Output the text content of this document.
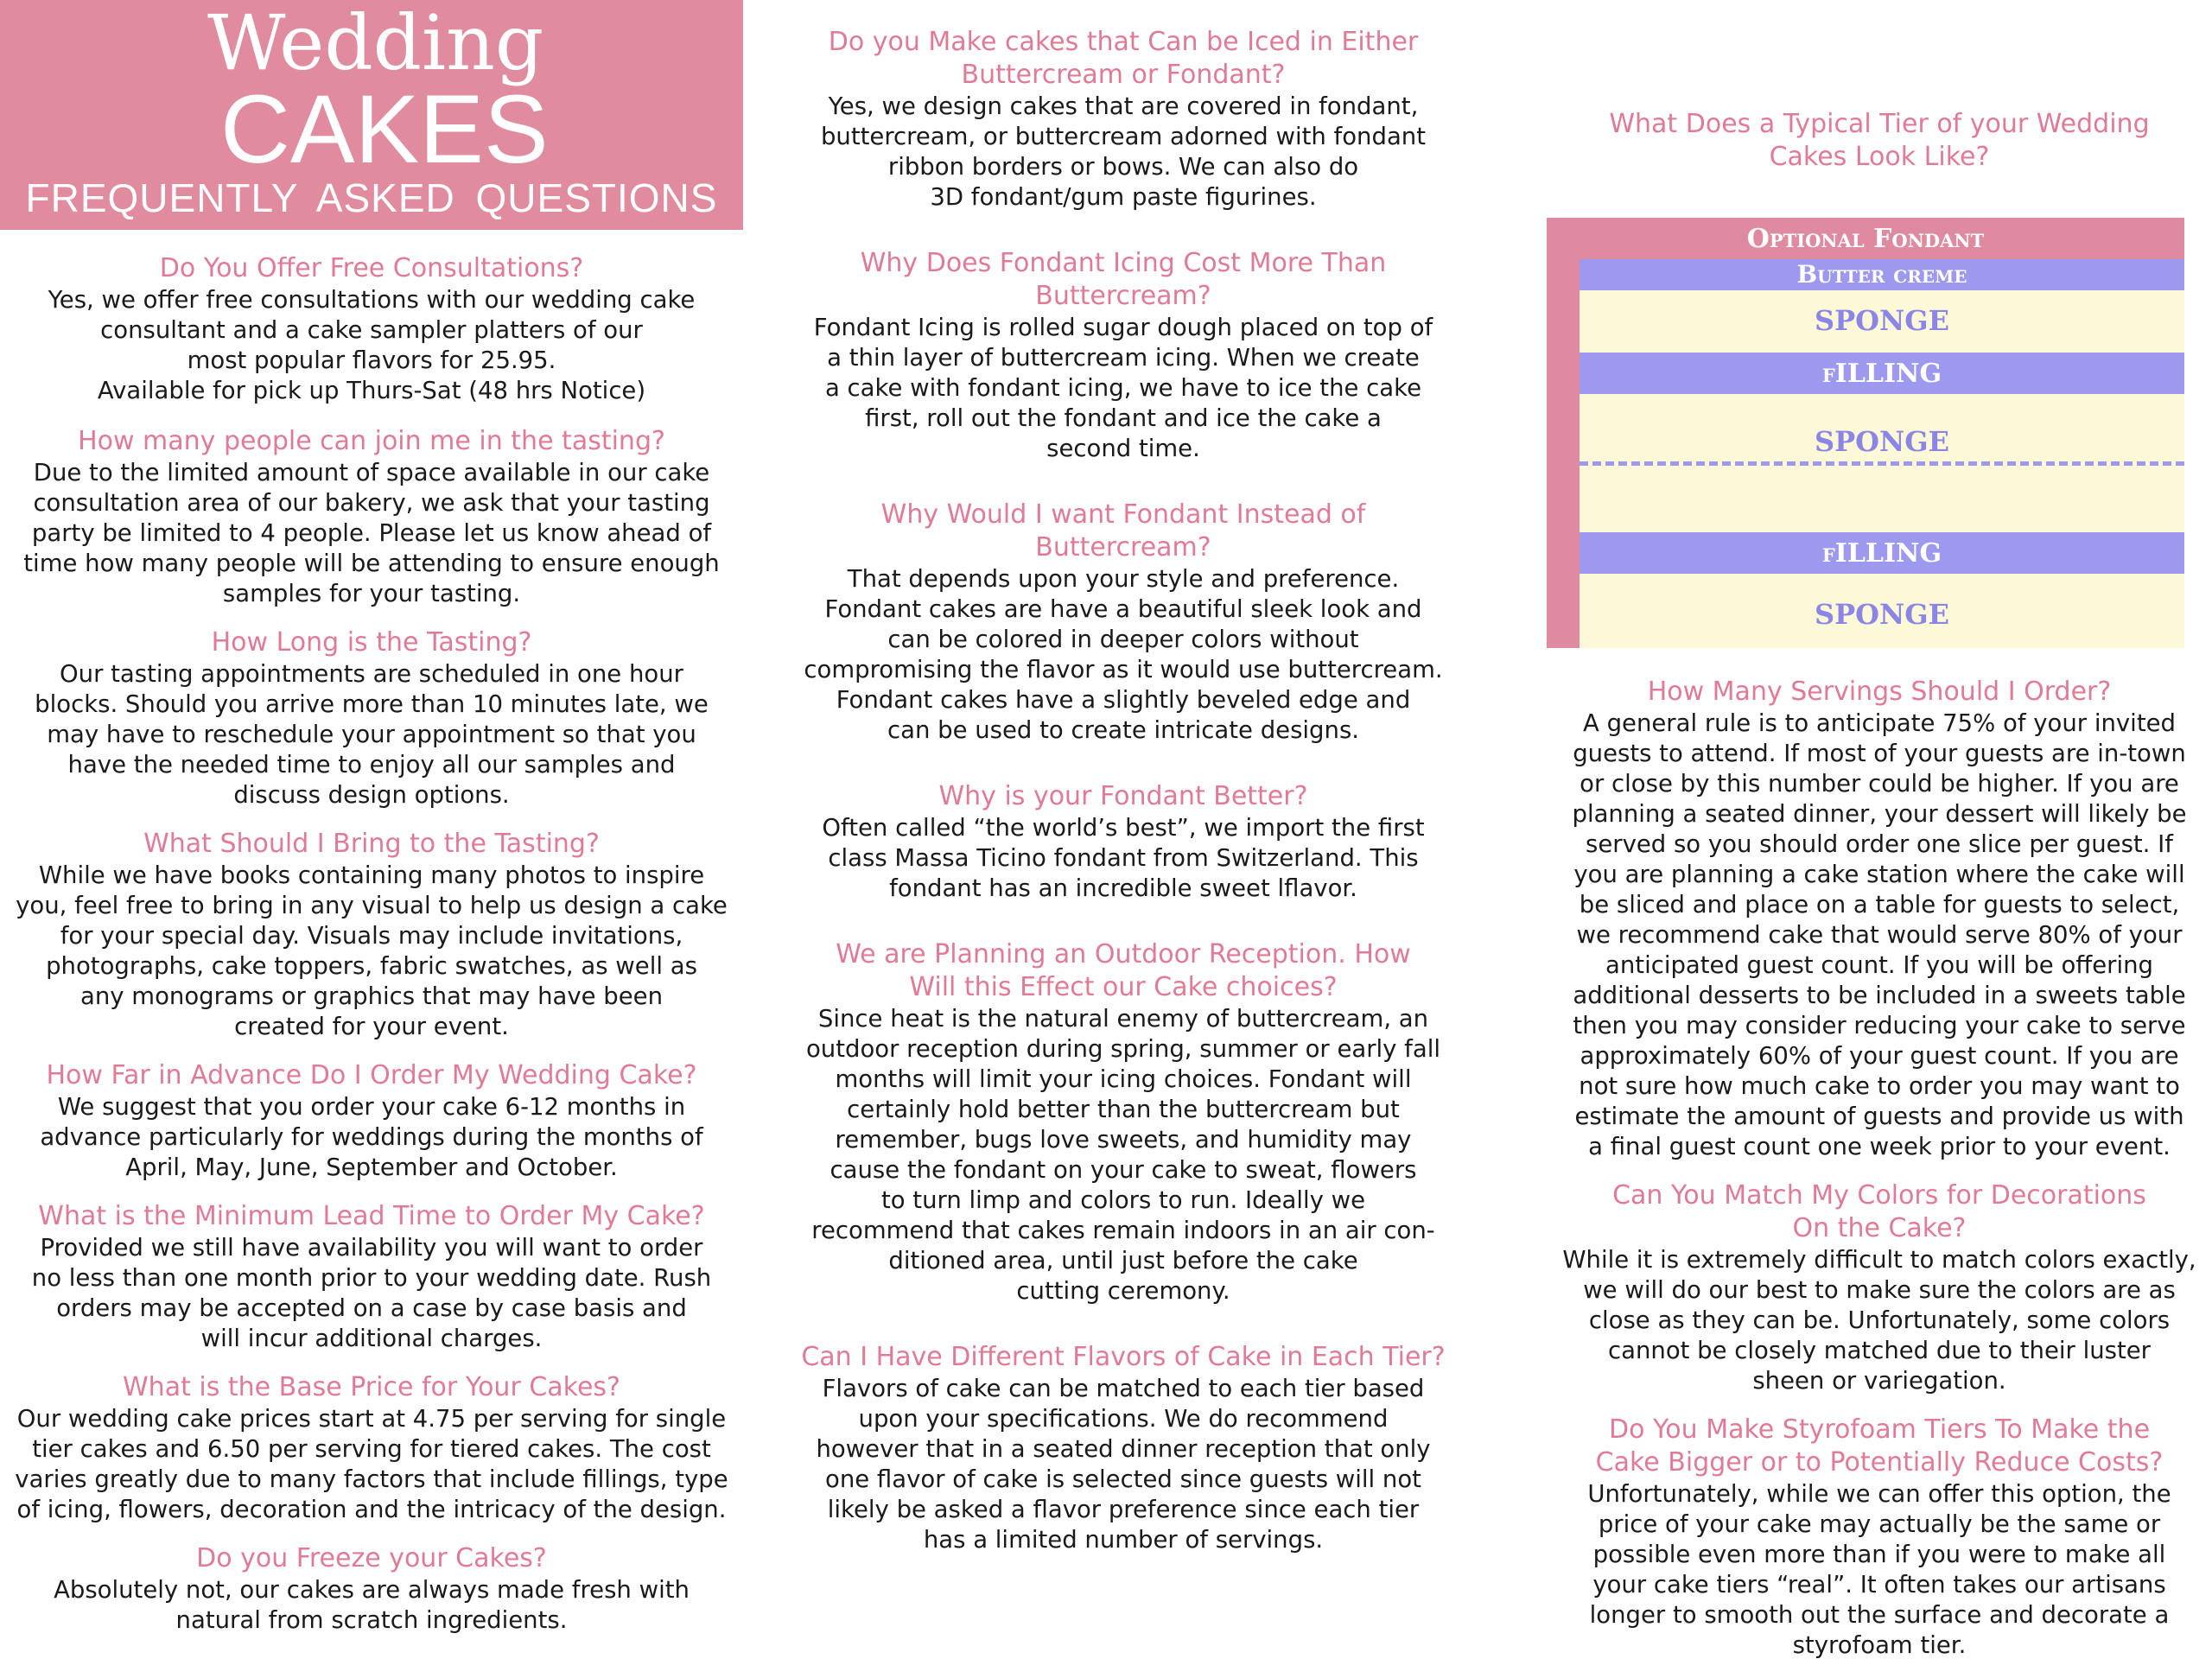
Wedding
CAKES
FREQUENTLY ASKED QUESTIONS
Do You Offer Free Consultations?

Yes, we offer free consultations with our wedding cake
consultant and a cake sampler platters of our
most popular flavors for 25.95.
Available for pick up Thurs-Sat (48 hrs Notice)

How many people can join me in the tasting?

Due to the limited amount of space available in our cake
consultation area of our bakery, we ask that your tasting
party be limited to 4 people. Please let us know ahead of
time how many people will be attending to ensure enough
samples for your tasting.

How Long is the Tasting?

Our tasting appointments are scheduled in one hour
blocks. Should you arrive more than 10 minutes late, we
may have to reschedule your appointment so that you
have the needed time to enjoy all our samples and
discuss design options.

What Should I Bring to the Tasting?

While we have books containing many photos to inspire
you, feel free to bring in any visual to help us design a cake
for your special day. Visuals may include invitations,
photographs, cake toppers, fabric swatches, as well as
any monograms or graphics that may have been
created for your event.

How Far in Advance Do I Order My Wedding Cake?

We suggest that you order your cake 6-12 months in
advance particularly for weddings during the months of
April, May, June, September and October.

What is the Minimum Lead Time to Order My Cake?

Provided we still have availability you will want to order
no less than one month prior to your wedding date. Rush
orders may be accepted on a case by case basis and
will incur additional charges.

What is the Base Price for Your Cakes?

Our wedding cake prices start at 4.75 per serving for single
tier cakes and 6.50 per serving for tiered cakes. The cost
varies greatly due to many factors that include fillings, type
of icing, flowers, decoration and the intricacy of the design.

Do you Freeze your Cakes?

Absolutely not, our cakes are always made fresh with
natural from scratch ingredients.

Do you Make cakes that Can be Iced in Either
Buttercream or Fondant?

Yes, we design cakes that are covered in fondant,
buttercream, or buttercream adorned with fondant
ribbon borders or bows. We can also do
3D fondant/gum paste figurines.

Why Does Fondant Icing Cost More Than
Buttercream?

Fondant Icing is rolled sugar dough placed on top of
a thin layer of buttercream icing. When we create
a cake with fondant icing, we have to ice the cake
first, roll out the fondant and ice the cake a
second time.

Why Would I want Fondant Instead of
Buttercream?

That depends upon your style and preference.
Fondant cakes are have a beautiful sleek look and
can be colored in deeper colors without
compromising the flavor as it would use buttercream.
Fondant cakes have a slightly beveled edge and
can be used to create intricate designs.

Why is your Fondant Better?

Often called “the world’s best”, we import the first
class Massa Ticino fondant from Switzerland. This
fondant has an incredible sweet lflavor.

We are Planning an Outdoor Reception. How
Will this Effect our Cake choices?

Since heat is the natural enemy of buttercream, an
outdoor reception during spring, summer or early fall
months will limit your icing choices. Fondant will
certainly hold better than the buttercream but
remember, bugs love sweets, and humidity may
cause the fondant on your cake to sweat, flowers
to turn limp and colors to run. Ideally we
recommend that cakes remain indoors in an air con-
ditioned area, until just before the cake
cutting ceremony.

Can I Have Different Flavors of Cake in Each Tier?

Flavors of cake can be matched to each tier based
upon your specifications. We do recommend
however that in a seated dinner reception that only
one flavor of cake is selected since guests will not
likely be asked a flavor preference since each tier
has a limited number of servings.

What Does a Typical Tier of your Wedding
Cakes Look Like?
Optional Fondant
Butter creme
SPONGE
fILLING
SPONGE
fILLING
SPONGE
How Many Servings Should I Order?

A general rule is to anticipate 75% of your invited
guests to attend. If most of your guests are in-town
or close by this number could be higher. If you are
planning a seated dinner, your dessert will likely be
served so you should order one slice per guest. If
you are planning a cake station where the cake will
be sliced and place on a table for guests to select,
we recommend cake that would serve 80% of your
anticipated guest count. If you will be offering
additional desserts to be included in a sweets table
then you may consider reducing your cake to serve
approximately 60% of your guest count. If you are
not sure how much cake to order you may want to
estimate the amount of guests and provide us with
a final guest count one week prior to your event.

Can You Match My Colors for Decorations
On the Cake?

While it is extremely difficult to match colors exactly,
we will do our best to make sure the colors are as
close as they can be. Unfortunately, some colors
cannot be closely matched due to their luster
sheen or variegation.

Do You Make Styrofoam Tiers To Make the
Cake Bigger or to Potentially Reduce Costs?

Unfortunately, while we can offer this option, the
price of your cake may actually be the same or
possible even more than if you were to make all
your cake tiers “real”. It often takes our artisans
longer to smooth out the surface and decorate a
styrofoam tier.
